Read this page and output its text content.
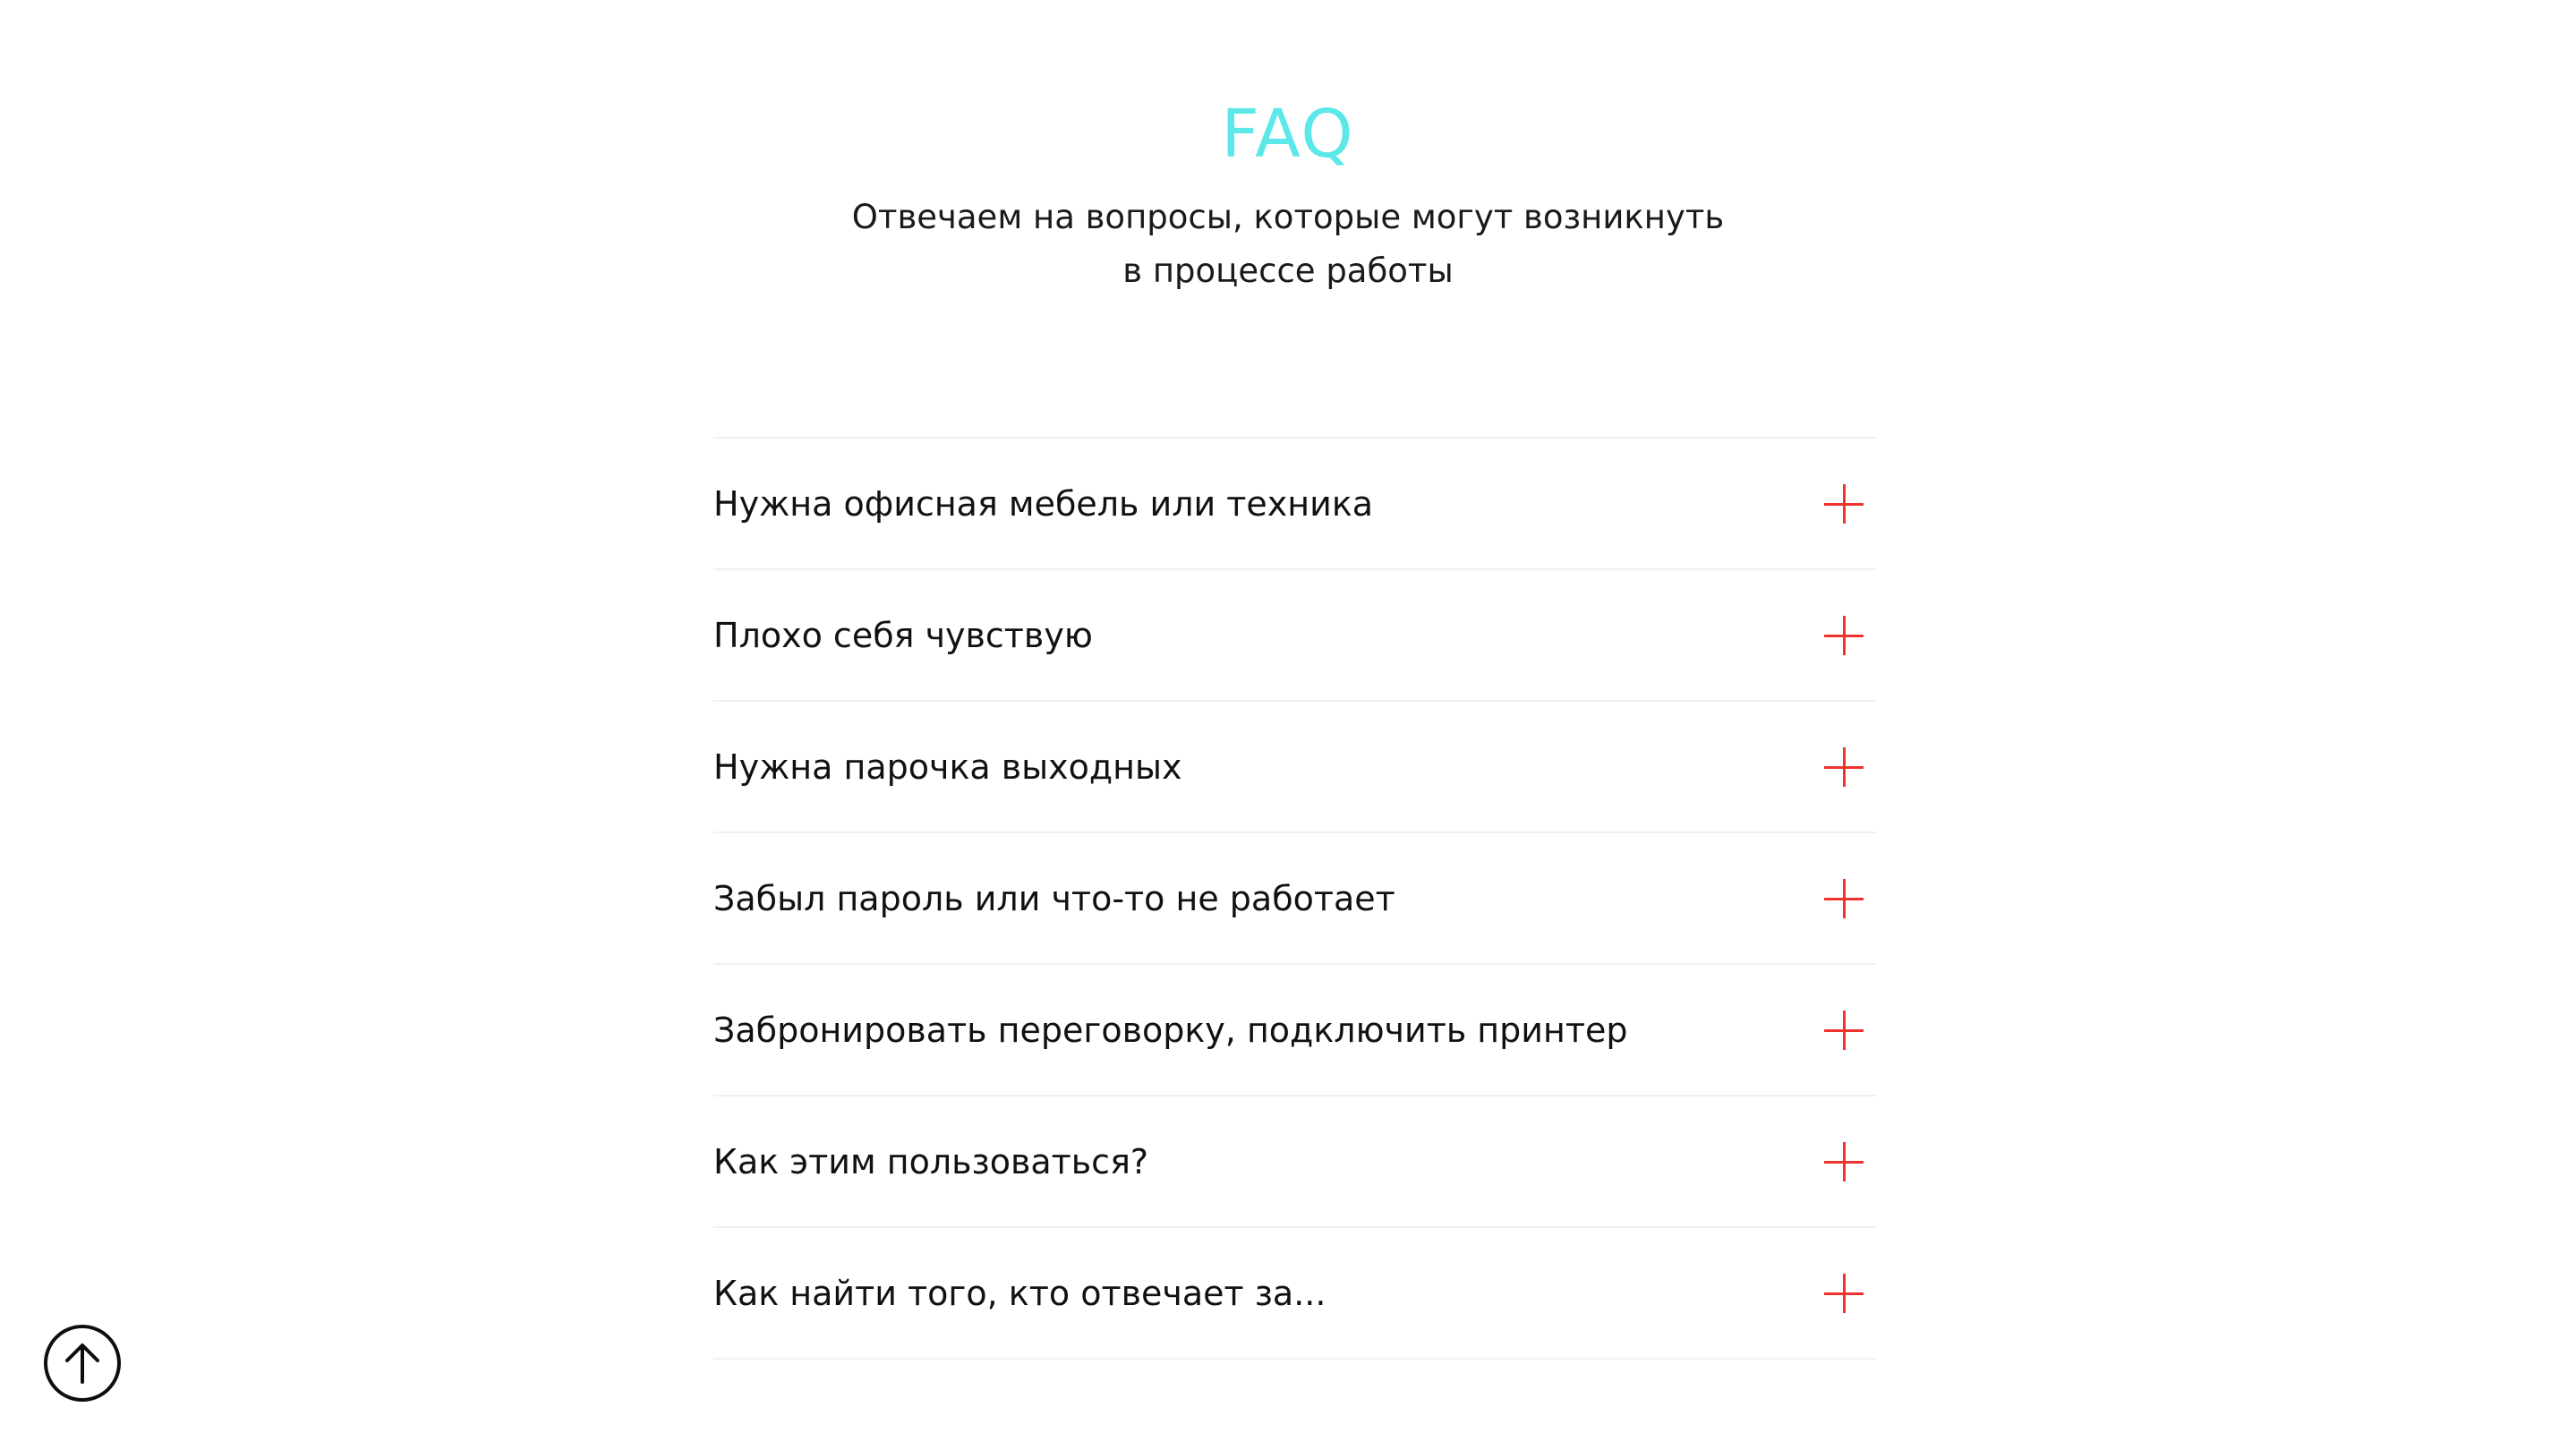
FAQ
Отвечаем на вопросы, которые могут возникнуть
в процессе работы
Нужна офисная мебель или техника
Плохо себя чувствую
Нужна парочка выходных
Забыл пароль или что-то не работает
Забронировать переговорку, подключить принтер
Как этим пользоваться?
Как найти того, кто отвечает за...
